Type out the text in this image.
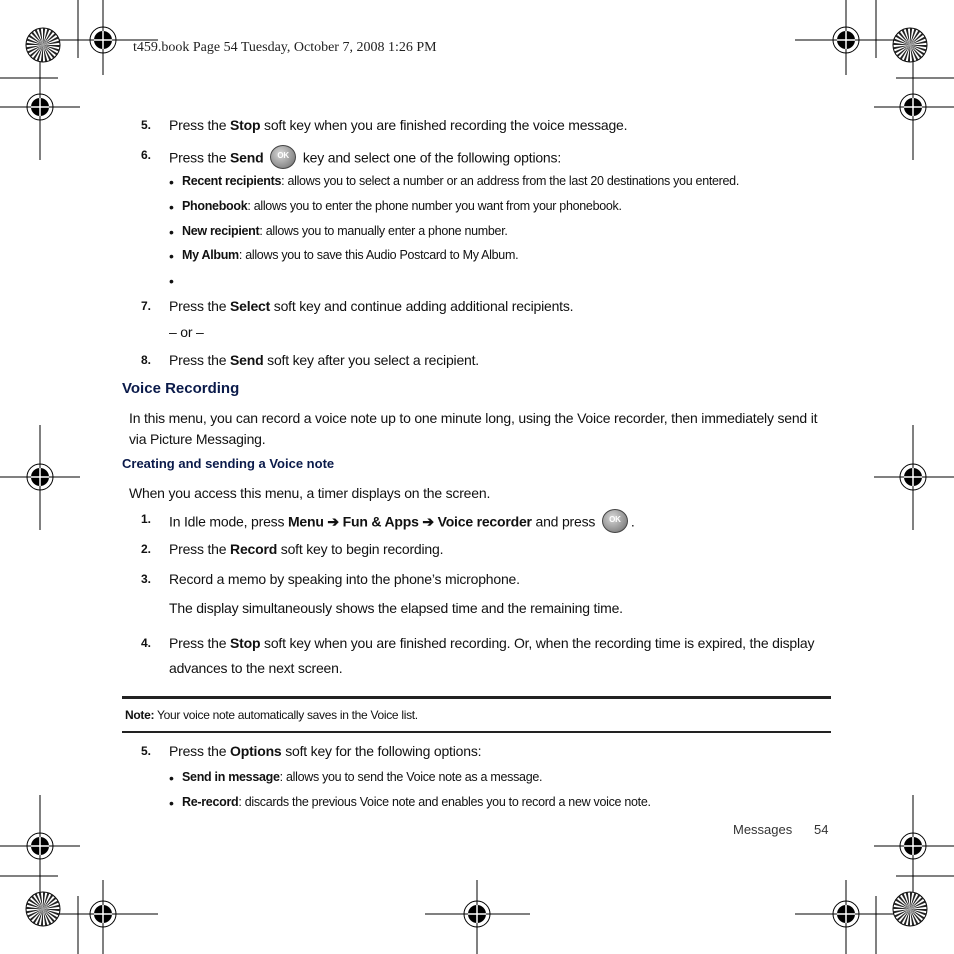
t459.book Page 54 Tuesday, October 7, 2008 1:26 PM
5. Press the Stop soft key when you are finished recording the voice message.
6. Press the Send	OK key and select one of the following options:
• Recent recipients: allows you to select a number or an address from the last 20 destinations you entered.
• Phonebook: allows you to enter the phone number you want from your phonebook.
• New recipient: allows you to manually enter a phone number.
• My Album: allows you to save this Audio Postcard to My Album.
•
7. Press the Select soft key and continue adding additional recipients.
– or –
8. Press the Send soft key after you select a recipient.
Voice Recording
In this menu, you can record a voice note up to one minute long, using the Voice recorder, then immediately send it
via Picture Messaging.
Creating and sending a Voice note
When you access this menu, a timer displays on the screen.
1. In Idle mode, press Menu ➔ Fun & Apps ➔ Voice recorder and press	OK .
2. Press the Record soft key to begin recording.
3. Record a memo by speaking into the phone’s microphone.
The display simultaneously shows the elapsed time and the remaining time.
4. Press the Stop soft key when you are finished recording. Or, when the recording time is expired, the display
advances to the next screen.
Note: Your voice note automatically saves in the Voice list.
5. Press the Options soft key for the following options:
• Send in message: allows you to send the Voice note as a message.
• Re-record: discards the previous Voice note and enables you to record a new voice note.
Messages 54
